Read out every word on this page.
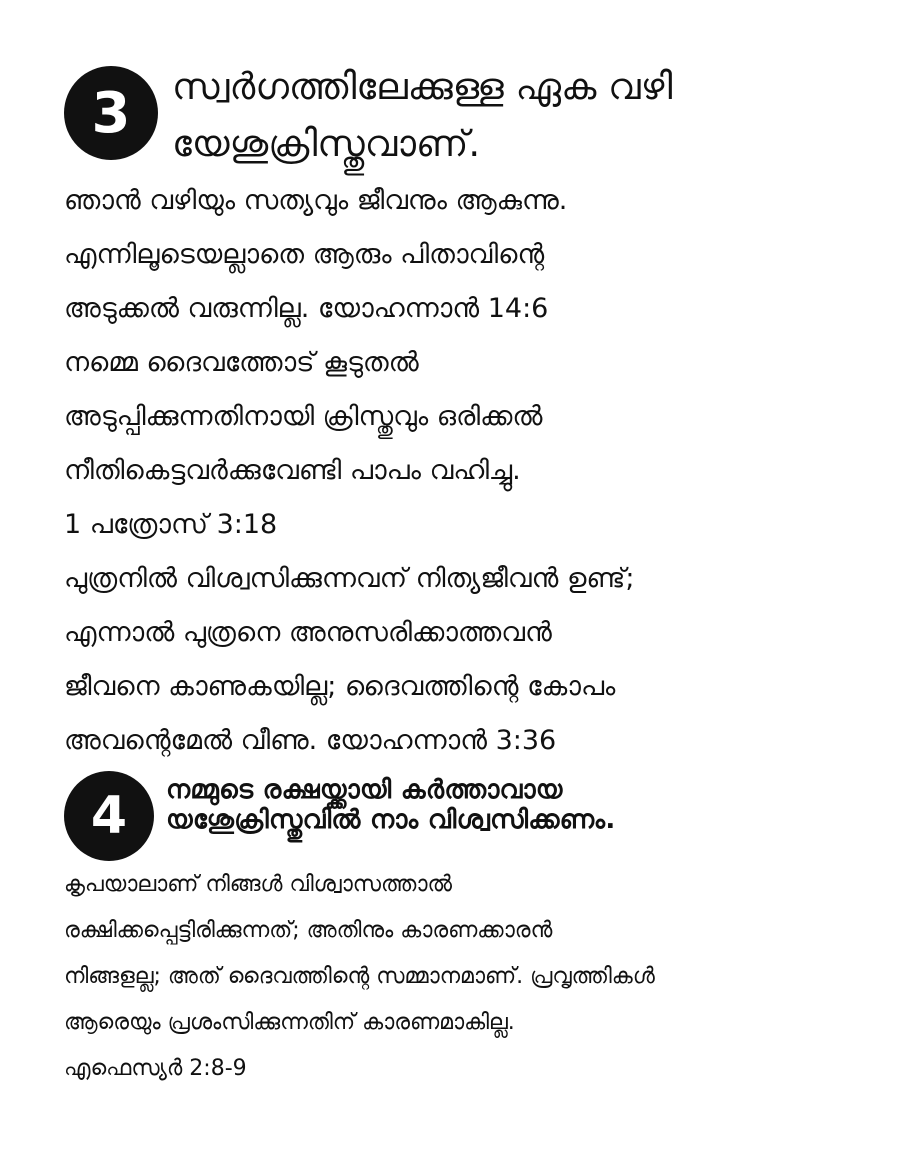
3	സ്വർഗത്തിലേക്കുള്ള ഏക വഴി
യേശുക്രിസ്തുവാണ്.

ഞാൻ വഴിയും സത്യവും ജീവനും ആകുന്നു.
എന്നിലൂടെയല്ലാതെ ആരും പിതാവിന്റെ
അടുക്കൽ വരുന്നില്ല. യോഹന്നാൻ 14:6
നമ്മെ ദൈവത്തോട് കൂടുതൽ
അടുപ്പിക്കുന്നതിനായി ക്രിസ്തുവും ഒരിക്കൽ
നീതികെട്ടവർക്കുവേണ്ടി പാപം വഹിച്ചു.
1 പത്രോസ് 3:18
പുത്രനിൽ വിശ്വസിക്കുന്നവന് നിത്യജീവൻ ഉണ്ട്;
എന്നാൽ പുത്രനെ അനുസരിക്കാത്തവൻ
ജീവനെ കാണുകയില്ല; ദൈവത്തിന്റെ കോപം
അവന്റെമേൽ വീണു. യോഹന്നാൻ 3:36

4	നമ്മുടെ രക്ഷയ്ക്കായി കർത്താവായ
യശേുക്രിസ്തുവിൽ നാം വിശ്വസിക്കണം.

കൃപയാലാണ് നിങ്ങൾ വിശ്വാസത്താൽ
രക്ഷിക്കപ്പെട്ടിരിക്കുന്നത്; അതിനും കാരണക്കാരൻ
നിങ്ങളല്ല; അത് ദൈവത്തിന്റെ സമ്മാനമാണ്. പ്രവൃത്തികൾ
ആരെയും പ്രശംസിക്കുന്നതിന് കാരണമാകില്ല.
എഫെസ്യർ 2:8-9
